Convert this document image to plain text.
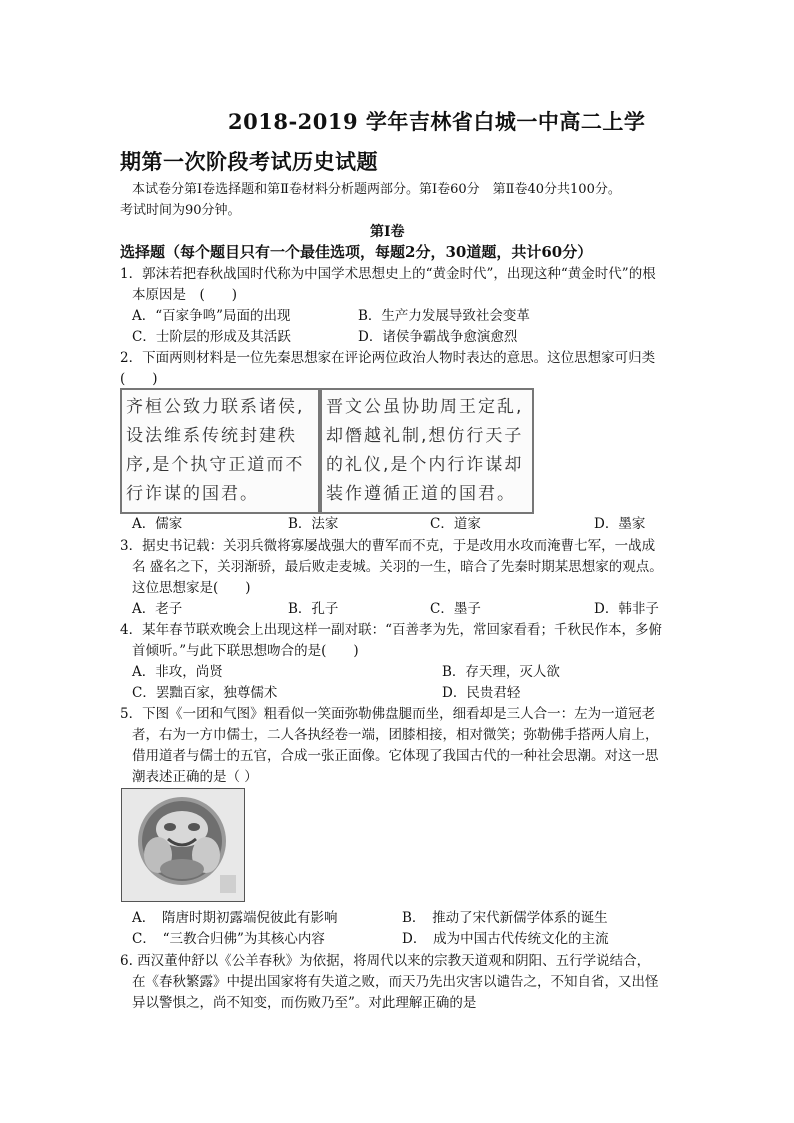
2018-2019 学年吉林省白城一中高二上学
期第一次阶段考试历史试题
本试卷分第Ⅰ卷选择题和第Ⅱ卷材料分析题两部分。第Ⅰ卷60分　第Ⅱ卷40分共100分。
考试时间为90分钟。
第Ⅰ卷
选择题（每个题目只有一个最佳选项，每题2分，30道题，共计60分）
1．郭沫若把春秋战国时代称为中国学术思想史上的“黄金时代”，出现这种“黄金时代”的根
本原因是　(　　)
A．“百家争鸣”局面的出现	B．生产力发展导致社会变革
C．士阶层的形成及其活跃	D．诸侯争霸战争愈演愈烈
2．下面两则材料是一位先秦思想家在评论两位政治人物时表达的意思。这位思想家可归类
(　　)
齐桓公致力联系诸侯,设法维系传统封建秩序,是个执守正道而不行诈谋的国君。
晋文公虽协助周王定乱,却僭越礼制,想仿行天子的礼仪,是个内行诈谋却装作遵循正道的国君。
A．儒家	B．法家	C．道家	D．墨家
3．据史书记载：关羽兵微将寡屡战强大的曹军而不克，于是改用水攻而淹曹七军，一战成
名 盛名之下，关羽渐骄，最后败走麦城。关羽的一生，暗合了先秦时期某思想家的观点。
这位思想家是(　　)
A．老子	B．孔子	C．墨子	D．韩非子
4．某年春节联欢晚会上出现这样一副对联：“百善孝为先，常回家看看；千秋民作本，多俯
首倾听。”与此下联思想吻合的是(　　)
A．非攻，尚贤	B．存天理，灭人欲
C．罢黜百家，独尊儒术	D．民贵君轻
5．下图《一团和气图》粗看似一笑面弥勒佛盘腿而坐，细看却是三人合一：左为一道冠老
者，右为一方巾儒士，二人各执经卷一端，团膝相接，相对微笑；弥勒佛手搭两人肩上，
借用道者与儒士的五官，合成一张正面像。它体现了我国古代的一种社会思潮。对这一思
潮表述正确的是（ ）
A．　隋唐时期初露端倪彼此有影响	B．　推动了宋代新儒学体系的诞生
C．　“三教合归佛”为其核心内容	D．　成为中国古代传统文化的主流
6. 西汉董仲舒以《公羊春秋》为依据，将周代以来的宗教天道观和阴阳、五行学说结合，
在《春秋繁露》中提出国家将有失道之败，而天乃先出灾害以谴告之，不知自省，又出怪
异以警惧之，尚不知变，而伤败乃至”。对此理解正确的是
